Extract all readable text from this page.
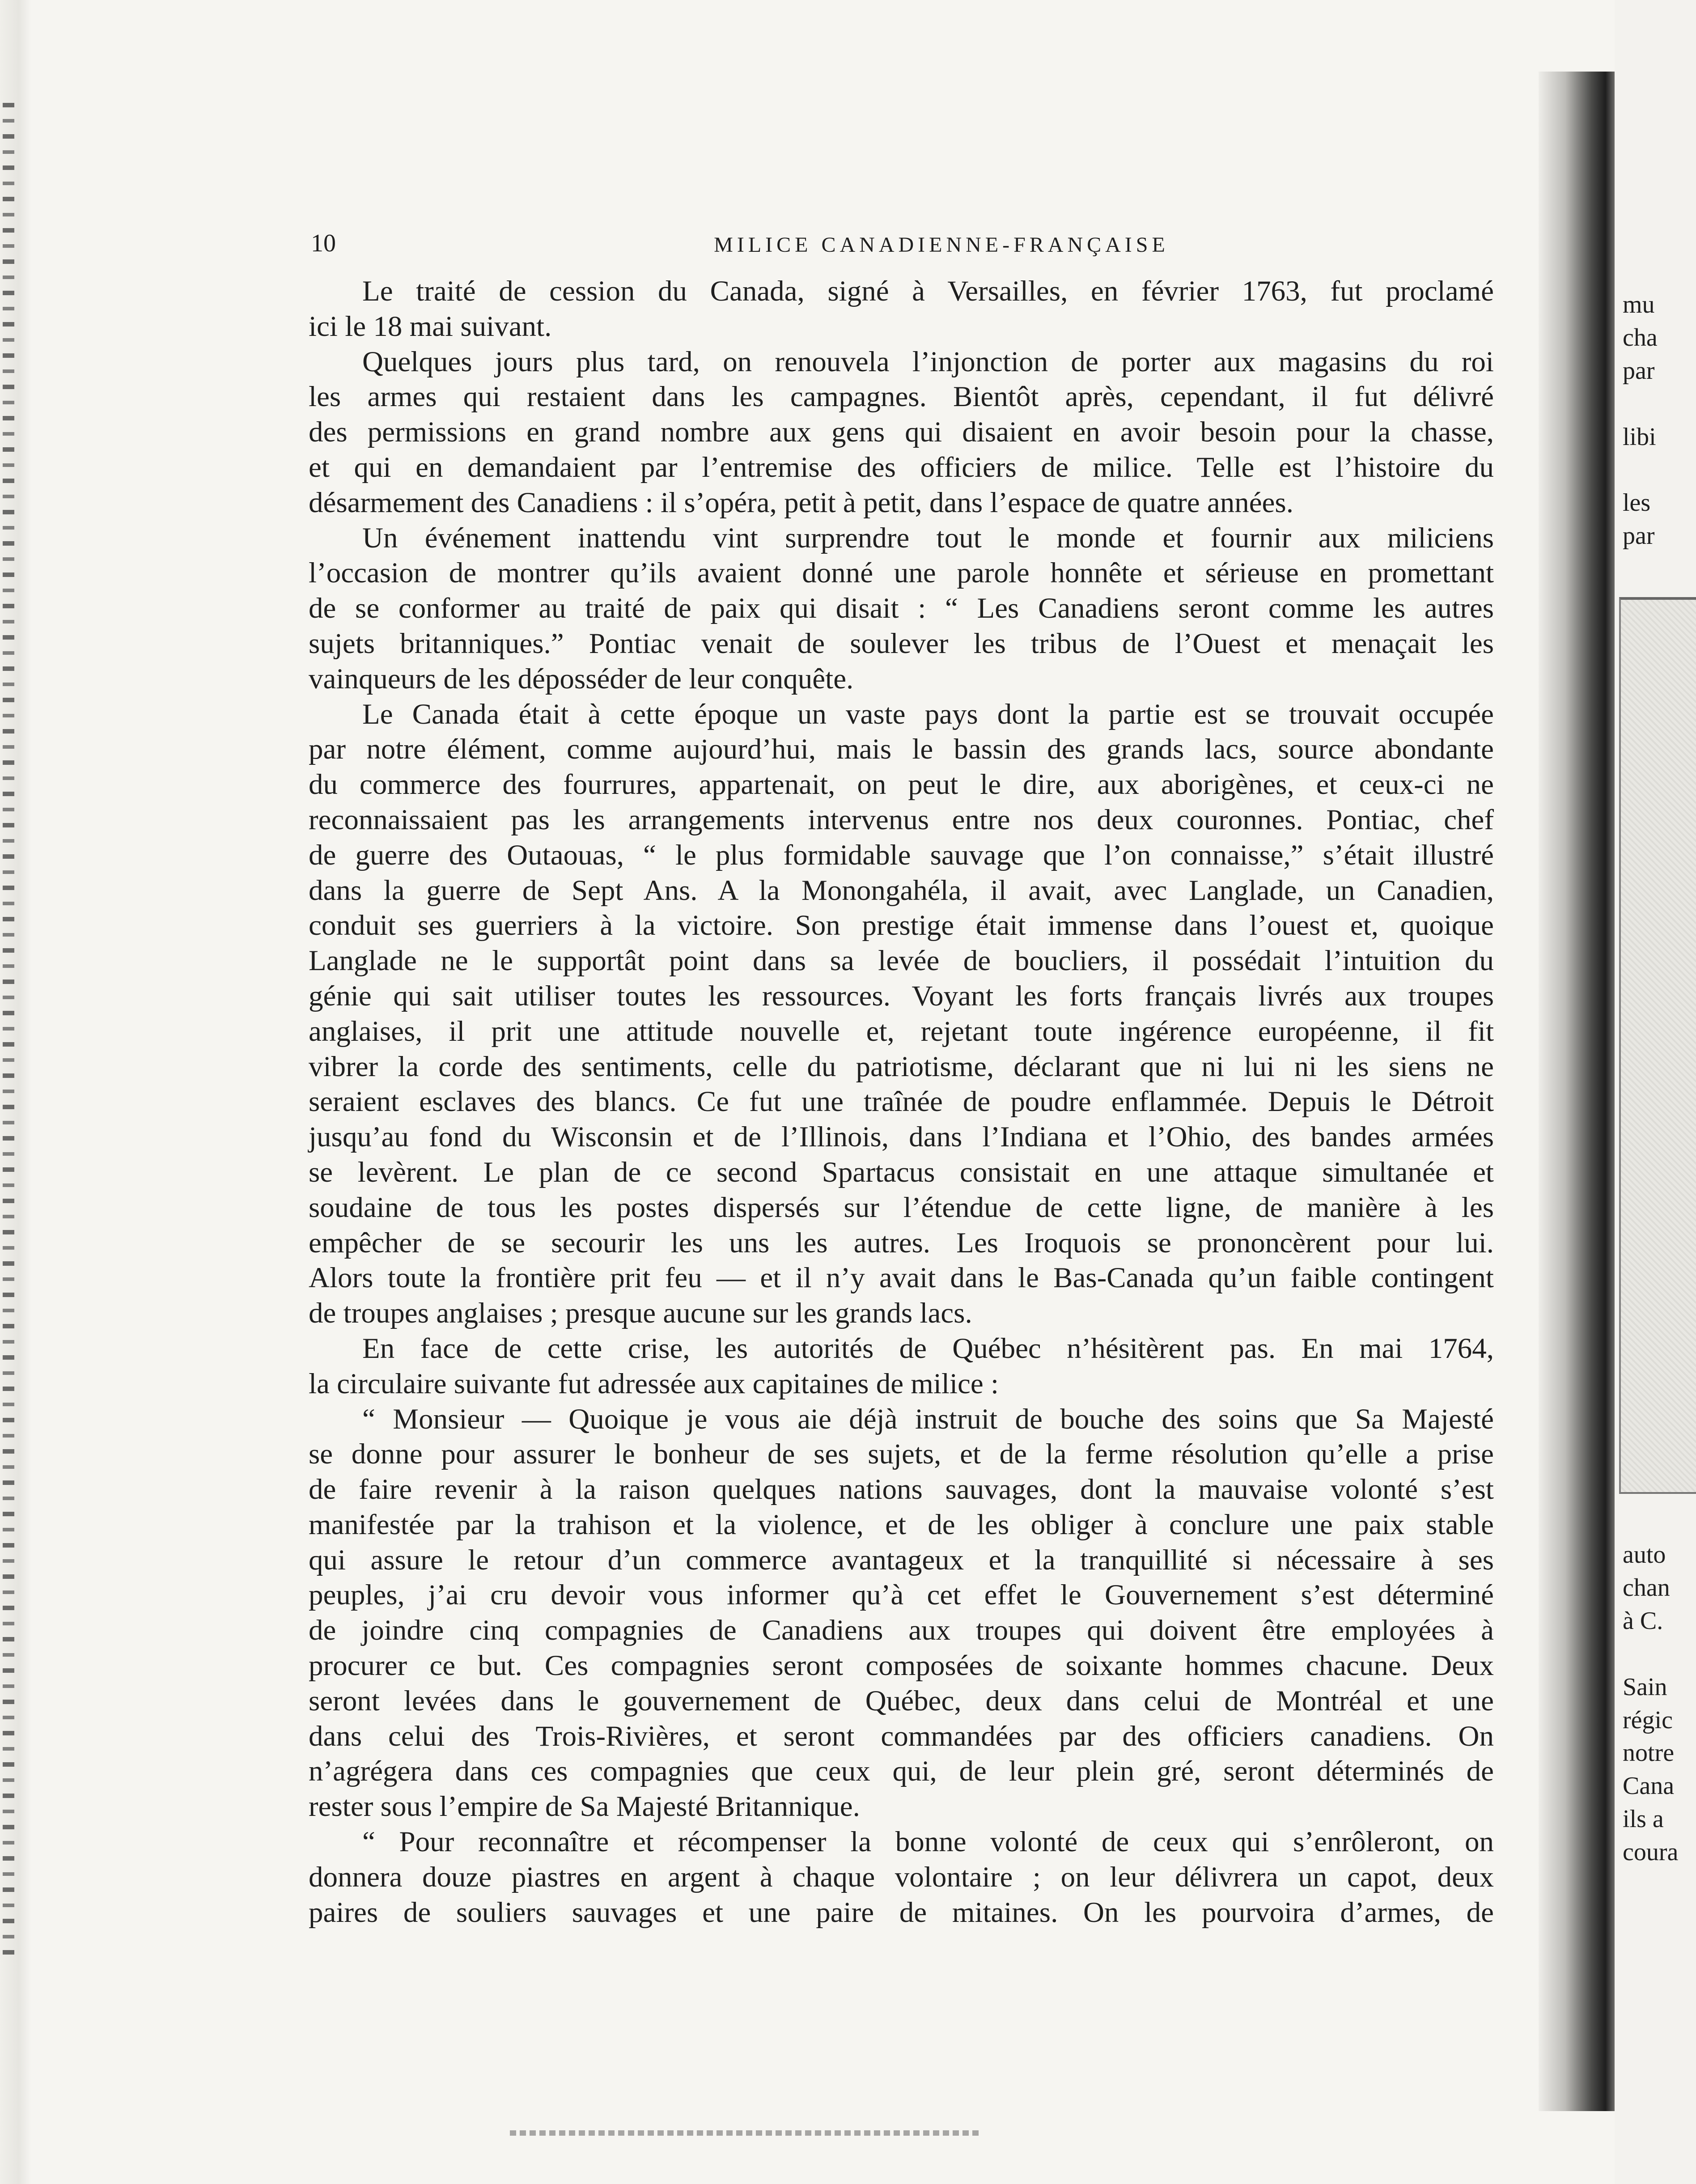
10	MILICE CANADIENNE-FRANÇAISE
Le traité de cession du Canada, signé à Versailles, en février 1763, fut proclamé
ici le 18 mai suivant.
Quelques jours plus tard, on renouvela l’injonction de porter aux magasins du roi
les armes qui restaient dans les campagnes. Bientôt après, cependant, il fut délivré
des permissions en grand nombre aux gens qui disaient en avoir besoin pour la chasse,
et qui en demandaient par l’entremise des officiers de milice. Telle est l’histoire du
désarmement des Canadiens : il s’opéra, petit à petit, dans l’espace de quatre années.
Un événement inattendu vint surprendre tout le monde et fournir aux miliciens
l’occasion de montrer qu’ils avaient donné une parole honnête et sérieuse en promettant
de se conformer au traité de paix qui disait : “ Les Canadiens seront comme les autres
sujets britanniques.” Pontiac venait de soulever les tribus de l’Ouest et menaçait les
vainqueurs de les déposséder de leur conquête.
Le Canada était à cette époque un vaste pays dont la partie est se trouvait occupée
par notre élément, comme aujourd’hui, mais le bassin des grands lacs, source abondante
du commerce des fourrures, appartenait, on peut le dire, aux aborigènes, et ceux-ci ne
reconnaissaient pas les arrangements intervenus entre nos deux couronnes. Pontiac, chef
de guerre des Outaouas, “ le plus formidable sauvage que l’on connaisse,” s’était illustré
dans la guerre de Sept Ans. A la Monongahéla, il avait, avec Langlade, un Canadien,
conduit ses guerriers à la victoire. Son prestige était immense dans l’ouest et, quoique
Langlade ne le supportât point dans sa levée de boucliers, il possédait l’intuition du
génie qui sait utiliser toutes les ressources. Voyant les forts français livrés aux troupes
anglaises, il prit une attitude nouvelle et, rejetant toute ingérence européenne, il fit
vibrer la corde des sentiments, celle du patriotisme, déclarant que ni lui ni les siens ne
seraient esclaves des blancs. Ce fut une traînée de poudre enflammée. Depuis le Détroit
jusqu’au fond du Wisconsin et de l’Illinois, dans l’Indiana et l’Ohio, des bandes armées
se levèrent. Le plan de ce second Spartacus consistait en une attaque simultanée et
soudaine de tous les postes dispersés sur l’étendue de cette ligne, de manière à les
empêcher de se secourir les uns les autres. Les Iroquois se prononcèrent pour lui.
Alors toute la frontière prit feu — et il n’y avait dans le Bas-Canada qu’un faible contingent
de troupes anglaises ; presque aucune sur les grands lacs.
En face de cette crise, les autorités de Québec n’hésitèrent pas. En mai 1764,
la circulaire suivante fut adressée aux capitaines de milice :
“ Monsieur — Quoique je vous aie déjà instruit de bouche des soins que Sa Majesté
se donne pour assurer le bonheur de ses sujets, et de la ferme résolution qu’elle a prise
de faire revenir à la raison quelques nations sauvages, dont la mauvaise volonté s’est
manifestée par la trahison et la violence, et de les obliger à conclure une paix stable
qui assure le retour d’un commerce avantageux et la tranquillité si nécessaire à ses
peuples, j’ai cru devoir vous informer qu’à cet effet le Gouvernement s’est déterminé
de joindre cinq compagnies de Canadiens aux troupes qui doivent être employées à
procurer ce but. Ces compagnies seront composées de soixante hommes chacune. Deux
seront levées dans le gouvernement de Québec, deux dans celui de Montréal et une
dans celui des Trois-Rivières, et seront commandées par des officiers canadiens. On
n’agrégera dans ces compagnies que ceux qui, de leur plein gré, seront déterminés de
rester sous l’empire de Sa Majesté Britannique.
“ Pour reconnaître et récompenser la bonne volonté de ceux qui s’enrôleront, on
donnera douze piastres en argent à chaque volontaire ; on leur délivrera un capot, deux
paires de souliers sauvages et une paire de mitaines. On les pourvoira d’armes, de
mu
cha
par

libi

les
par
auto
chan
à C.

Sain
régic
notre
Cana
ils a
coura
